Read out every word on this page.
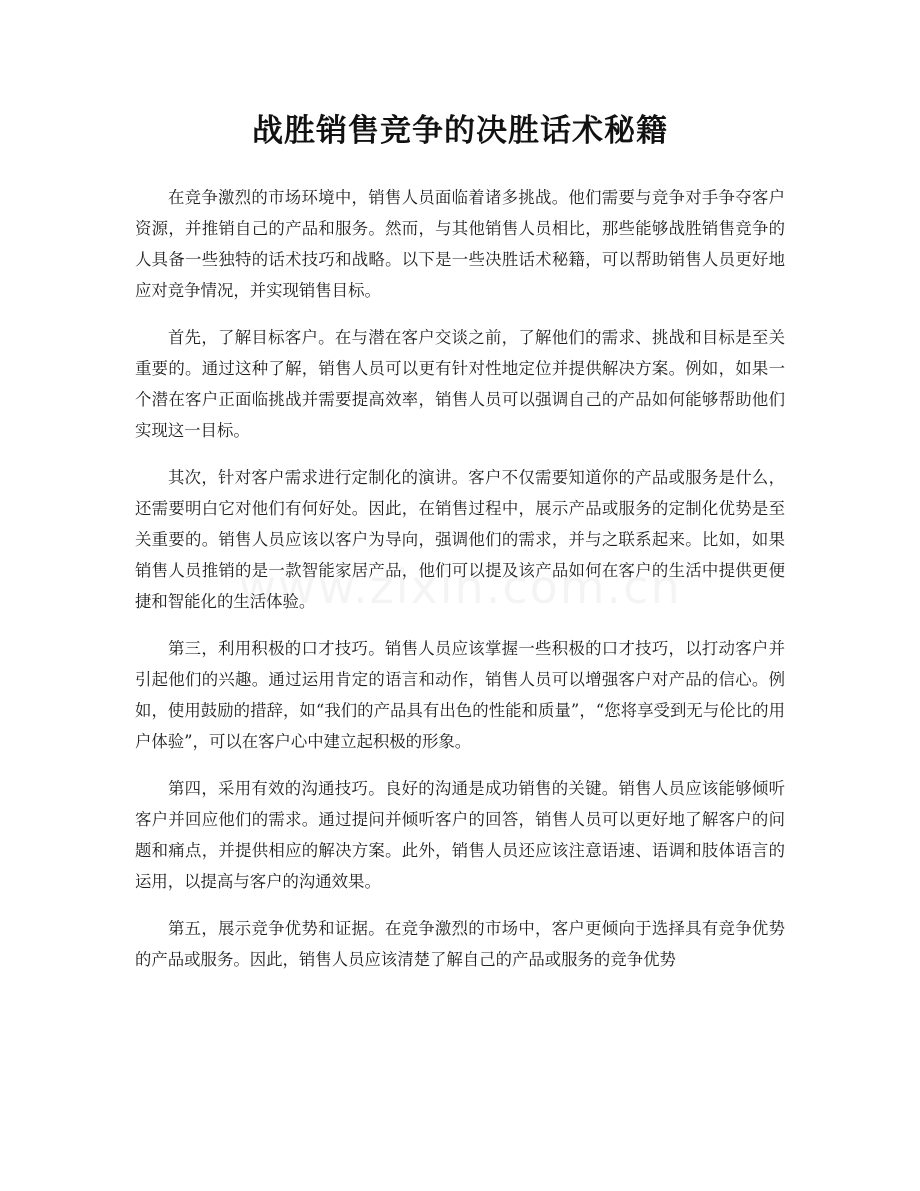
战胜销售竞争的决胜话术秘籍

在竞争激烈的市场环境中，销售人员面临着诸多挑战。他们需要与竞争对手争夺客户资源，并推销自己的产品和服务。然而，与其他销售人员相比，那些能够战胜销售竞争的人具备一些独特的话术技巧和战略。以下是一些决胜话术秘籍，可以帮助销售人员更好地应对竞争情况，并实现销售目标。

首先，了解目标客户。在与潜在客户交谈之前，了解他们的需求、挑战和目标是至关重要的。通过这种了解，销售人员可以更有针对性地定位并提供解决方案。例如，如果一个潜在客户正面临挑战并需要提高效率，销售人员可以强调自己的产品如何能够帮助他们实现这一目标。

其次，针对客户需求进行定制化的演讲。客户不仅需要知道你的产品或服务是什么，还需要明白它对他们有何好处。因此，在销售过程中，展示产品或服务的定制化优势是至关重要的。销售人员应该以客户为导向，强调他们的需求，并与之联系起来。比如，如果销售人员推销的是一款智能家居产品，他们可以提及该产品如何在客户的生活中提供更便捷和智能化的生活体验。

第三，利用积极的口才技巧。销售人员应该掌握一些积极的口才技巧，以打动客户并引起他们的兴趣。通过运用肯定的语言和动作，销售人员可以增强客户对产品的信心。例如，使用鼓励的措辞，如“我们的产品具有出色的性能和质量”，“您将享受到无与伦比的用户体验”，可以在客户心中建立起积极的形象。

第四，采用有效的沟通技巧。良好的沟通是成功销售的关键。销售人员应该能够倾听客户并回应他们的需求。通过提问并倾听客户的回答，销售人员可以更好地了解客户的问题和痛点，并提供相应的解决方案。此外，销售人员还应该注意语速、语调和肢体语言的运用，以提高与客户的沟通效果。

第五，展示竞争优势和证据。在竞争激烈的市场中，客户更倾向于选择具有竞争优势的产品或服务。因此，销售人员应该清楚了解自己的产品或服务的竞争优势
